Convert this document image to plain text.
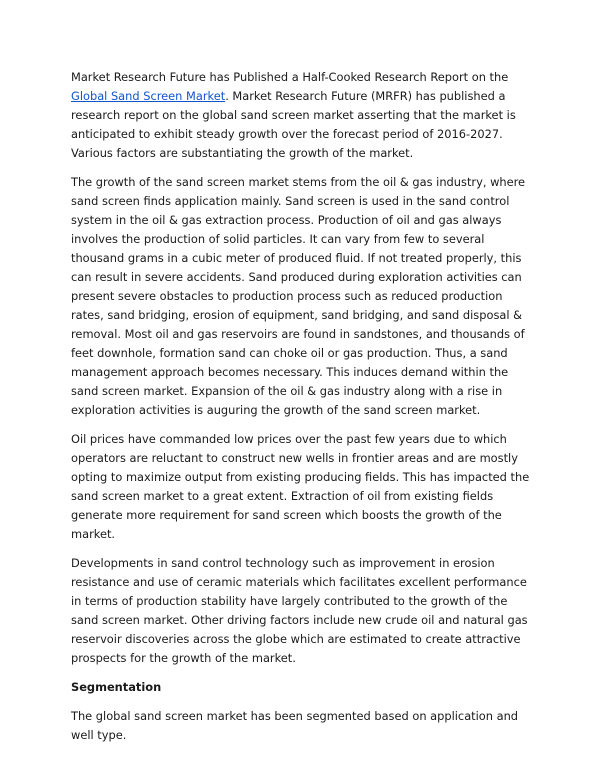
Market Research Future has Published a Half-Cooked Research Report on the Global Sand Screen Market. Market Research Future (MRFR) has published a research report on the global sand screen market asserting that the market is anticipated to exhibit steady growth over the forecast period of 2016-2027. Various factors are substantiating the growth of the market.

The growth of the sand screen market stems from the oil & gas industry, where sand screen finds application mainly. Sand screen is used in the sand control system in the oil & gas extraction process. Production of oil and gas always involves the production of solid particles. It can vary from few to several thousand grams in a cubic meter of produced fluid. If not treated properly, this can result in severe accidents. Sand produced during exploration activities can present severe obstacles to production process such as reduced production rates, sand bridging, erosion of equipment, sand bridging, and sand disposal & removal. Most oil and gas reservoirs are found in sandstones, and thousands of feet downhole, formation sand can choke oil or gas production. Thus, a sand management approach becomes necessary. This induces demand within the sand screen market. Expansion of the oil & gas industry along with a rise in exploration activities is auguring the growth of the sand screen market.

Oil prices have commanded low prices over the past few years due to which operators are reluctant to construct new wells in frontier areas and are mostly opting to maximize output from existing producing fields. This has impacted the sand screen market to a great extent. Extraction of oil from existing fields generate more requirement for sand screen which boosts the growth of the market.

Developments in sand control technology such as improvement in erosion resistance and use of ceramic materials which facilitates excellent performance in terms of production stability have largely contributed to the growth of the sand screen market. Other driving factors include new crude oil and natural gas reservoir discoveries across the globe which are estimated to create attractive prospects for the growth of the market.

Segmentation

The global sand screen market has been segmented based on application and well type.
